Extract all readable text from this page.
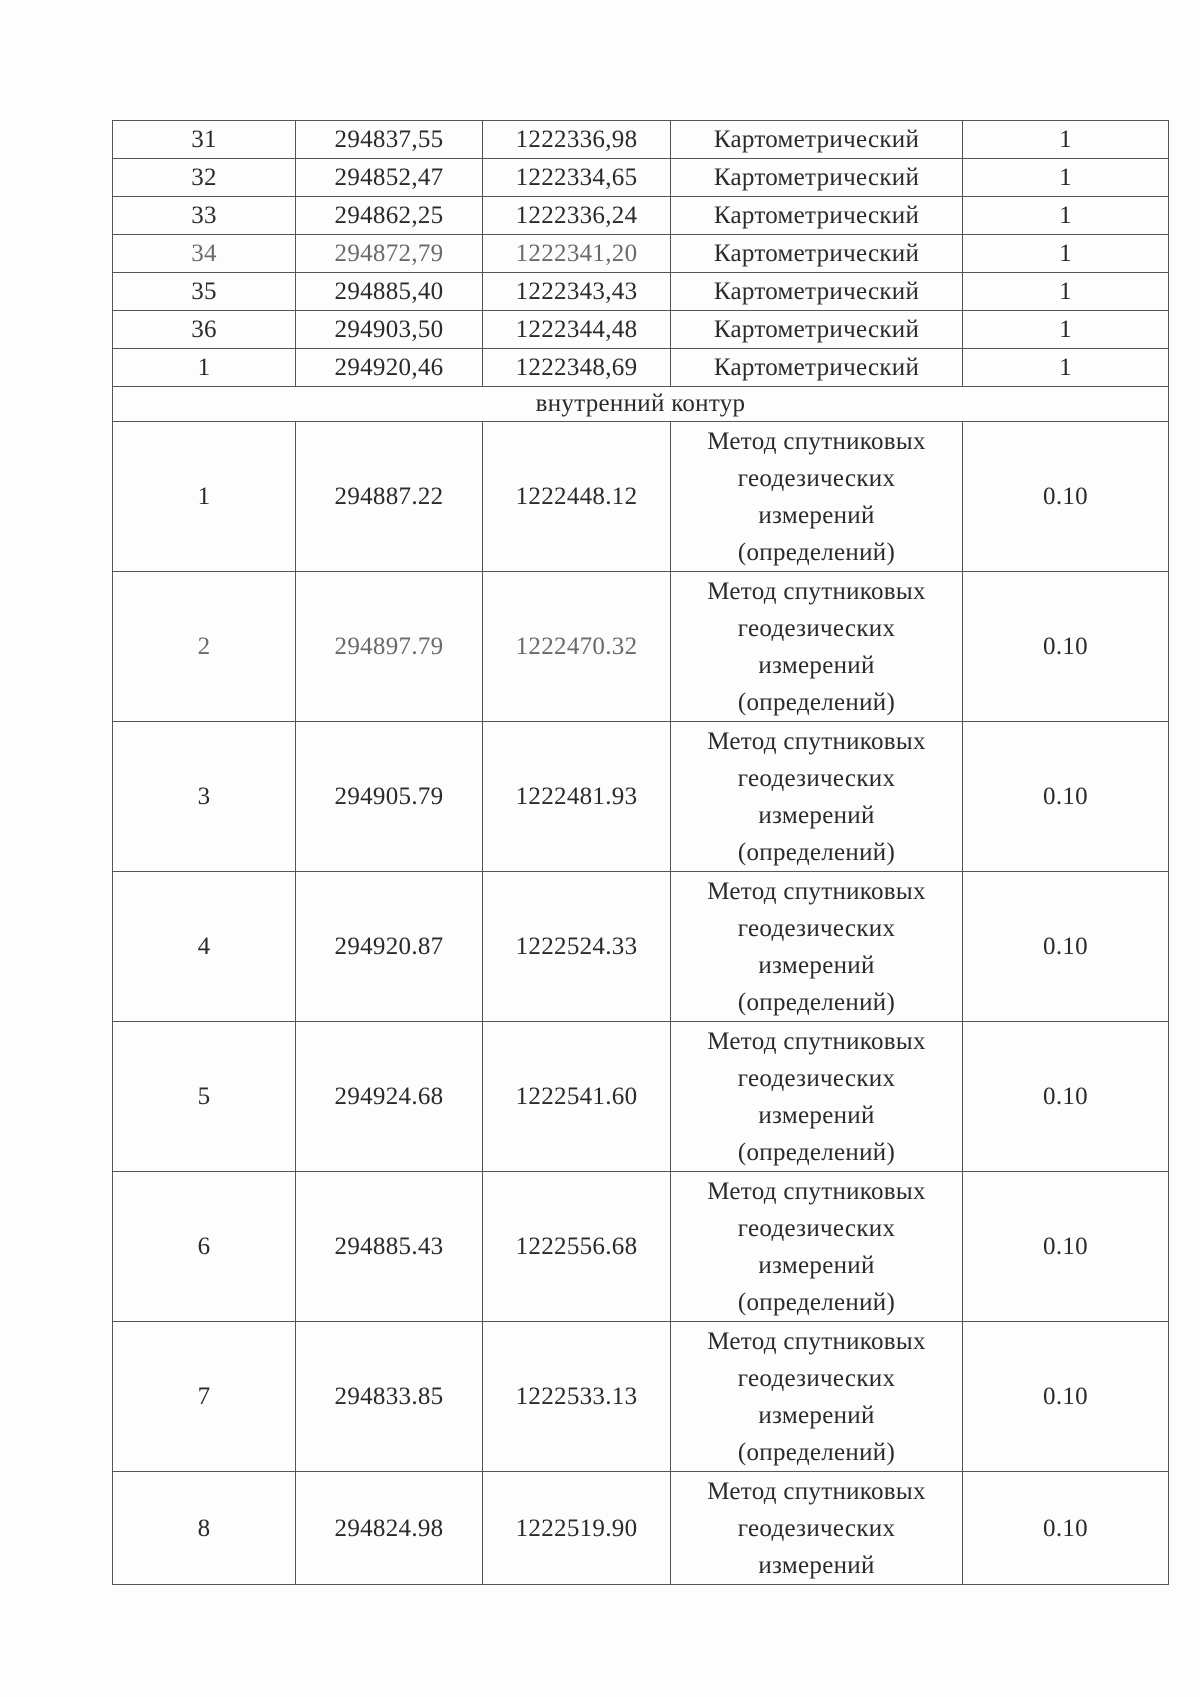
31	294837,55	1222336,98	Картометрический	1
32	294852,47	1222334,65	Картометрический	1
33	294862,25	1222336,24	Картометрический	1
34	294872,79	1222341,20	Картометрический	1
35	294885,40	1222343,43	Картометрический	1
36	294903,50	1222344,48	Картометрический	1
1	294920,46	1222348,69	Картометрический	1
внутренний контур				
1	294887.22	1222448.12	Метод спутниковых
геодезических
измерений
(определений)	0.10
2	294897.79	1222470.32	Метод спутниковых
геодезических
измерений
(определений)	0.10
3	294905.79	1222481.93	Метод спутниковых
геодезических
измерений
(определений)	0.10
4	294920.87	1222524.33	Метод спутниковых
геодезических
измерений
(определений)	0.10
5	294924.68	1222541.60	Метод спутниковых
геодезических
измерений
(определений)	0.10
6	294885.43	1222556.68	Метод спутниковых
геодезических
измерений
(определений)	0.10
7	294833.85	1222533.13	Метод спутниковых
геодезических
измерений
(определений)	0.10
8	294824.98	1222519.90	Метод спутниковых
геодезических
измерений	0.10
